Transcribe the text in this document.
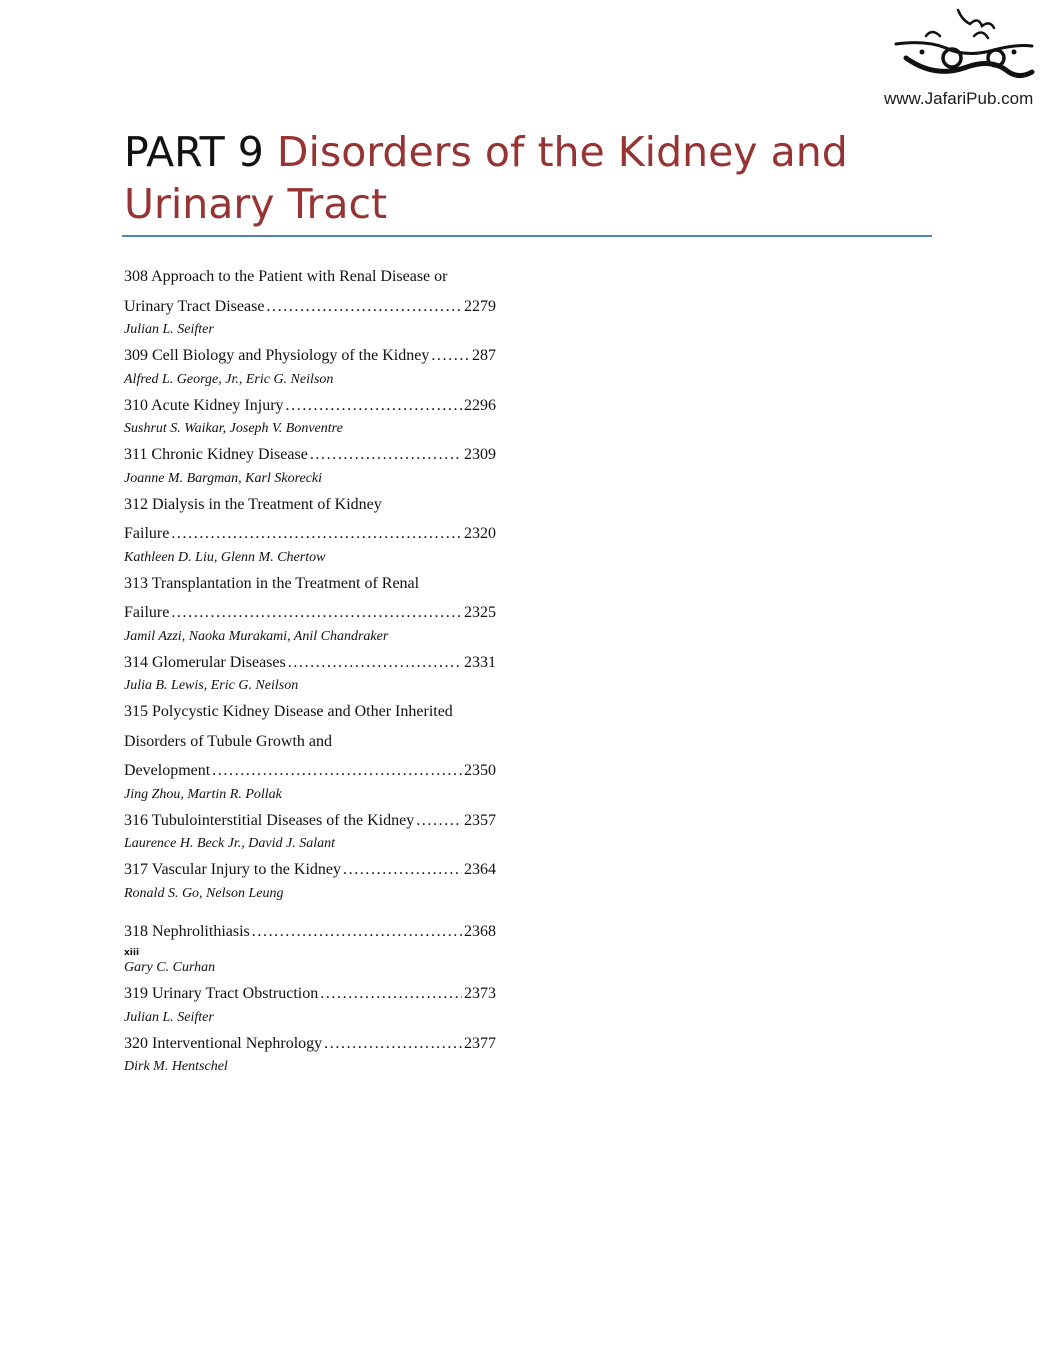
www.JafariPub.com
PART 9 Disorders of the Kidney and Urinary Tract
308 Approach to the Patient with Renal Disease or
Urinary Tract Disease . . .	2279
Julian L. Seifter
309 Cell Biology and Physiology of the Kidney . . .	287
Alfred L. George, Jr., Eric G. Neilson
310 Acute Kidney Injury . . .	2296
Sushrut S. Waikar, Joseph V. Bonventre
311 Chronic Kidney Disease . . .	2309
Joanne M. Bargman, Karl Skorecki
312 Dialysis in the Treatment of Kidney
Failure . . .	2320
Kathleen D. Liu, Glenn M. Chertow
313 Transplantation in the Treatment of Renal
Failure . . .	2325
Jamil Azzi, Naoka Murakami, Anil Chandraker
314 Glomerular Diseases . . .	2331
Julia B. Lewis, Eric G. Neilson
315 Polycystic Kidney Disease and Other Inherited
Disorders of Tubule Growth and
Development . . .	2350
Jing Zhou, Martin R. Pollak
316 Tubulointerstitial Diseases of the Kidney . . .	2357
Laurence H. Beck Jr., David J. Salant
317 Vascular Injury to the Kidney . . .	2364
Ronald S. Go, Nelson Leung
318 Nephrolithiasis . . .	2368
xiii
Gary C. Curhan
319 Urinary Tract Obstruction . . .	2373
Julian L. Seifter
320 Interventional Nephrology . . .	2377
Dirk M. Hentschel
